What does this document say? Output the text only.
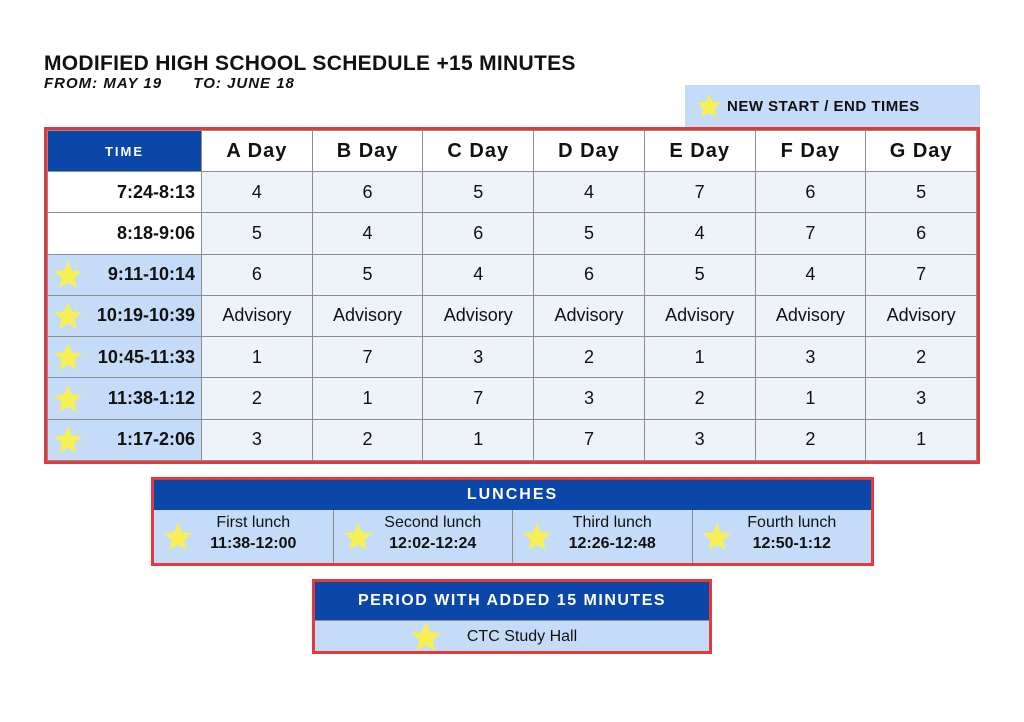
MODIFIED HIGH SCHOOL SCHEDULE +15 MINUTES
FROM: MAY 19 TO: JUNE 18
NEW START / END TIMES
TIME	A Day	B Day	C Day	D Day	E Day	F Day	G Day
7:24-8:13	4	6	5	4	7	6	5
8:18-9:06	5	4	6	5	4	7	6

9:11-10:14	6	5	4	6	5	4	7

10:19-10:39	Advisory	Advisory	Advisory	Advisory	Advisory	Advisory	Advisory

10:45-11:33	1	7	3	2	1	3	2

11:38-1:12	2	1	7	3	2	1	3

1:17-2:06	3	2	1	7	3	2	1
LUNCHES
First lunch
11:38-12:00
Second lunch
12:02-12:24
Third lunch
12:26-12:48
Fourth lunch
12:50-1:12
PERIOD WITH ADDED 15 MINUTES
CTC Study Hall
